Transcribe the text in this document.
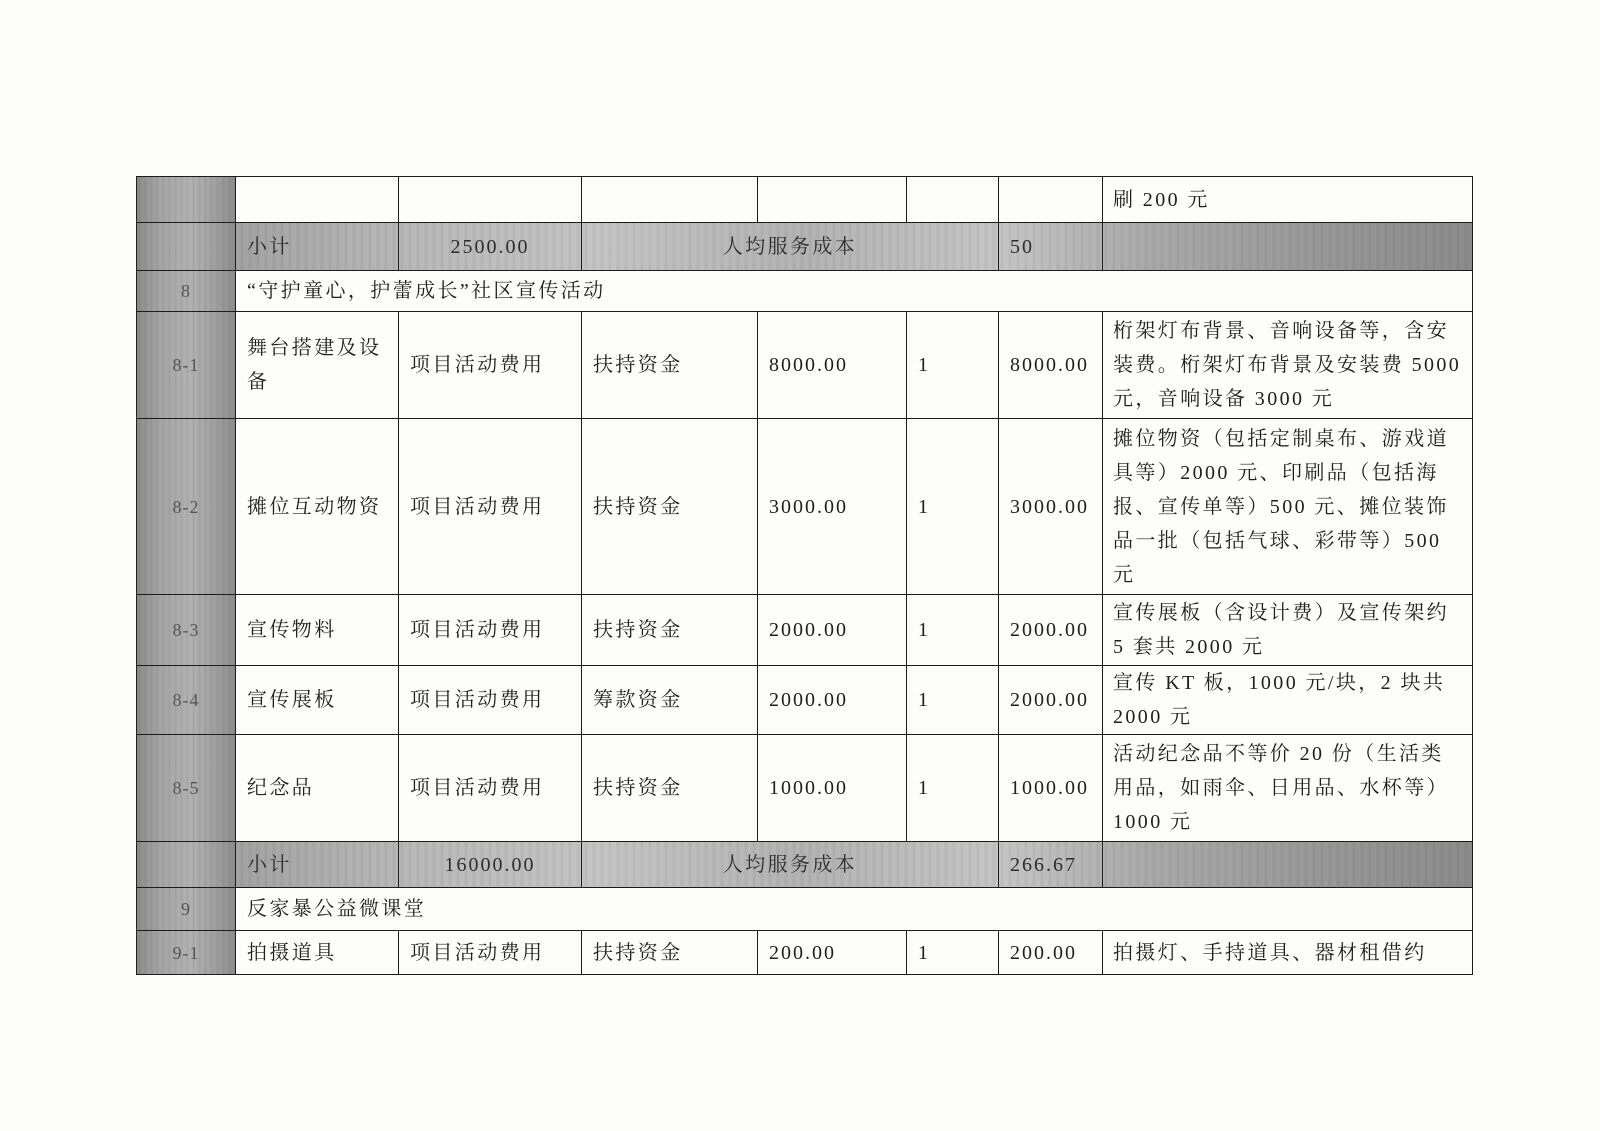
							刷 200 元

	小计	2500.00	人均服务成本			50	
8	“守护童心，护蕾成长”社区宣传活动						
8-1	舞台搭建及设备	项目活动费用	扶持资金	8000.00	1	8000.00	桁架灯布背景、音响设备等，含安
装费。桁架灯布背景及安装费 5000
元，音响设备 3000 元

8-2	摊位互动物资	项目活动费用	扶持资金	3000.00	1	3000.00	摊位物资（包括定制桌布、游戏道
具等）2000 元、印刷品（包括海
报、宣传单等）500 元、摊位装饰
品一批（包括气球、彩带等）500
元

8-3	宣传物料	项目活动费用	扶持资金	2000.00	1	2000.00	宣传展板（含设计费）及宣传架约
5 套共 2000 元

8-4	宣传展板	项目活动费用	筹款资金	2000.00	1	2000.00	宣传 KT 板，1000 元/块，2 块共
2000 元

8-5	纪念品	项目活动费用	扶持资金	1000.00	1	1000.00	活动纪念品不等价 20 份（生活类
用品，如雨伞、日用品、水杯等）
1000 元

	小计	16000.00	人均服务成本			266.67	
9	反家暴公益微课堂						
9-1	拍摄道具	项目活动费用	扶持资金	200.00	1	200.00	拍摄灯、手持道具、器材租借约
